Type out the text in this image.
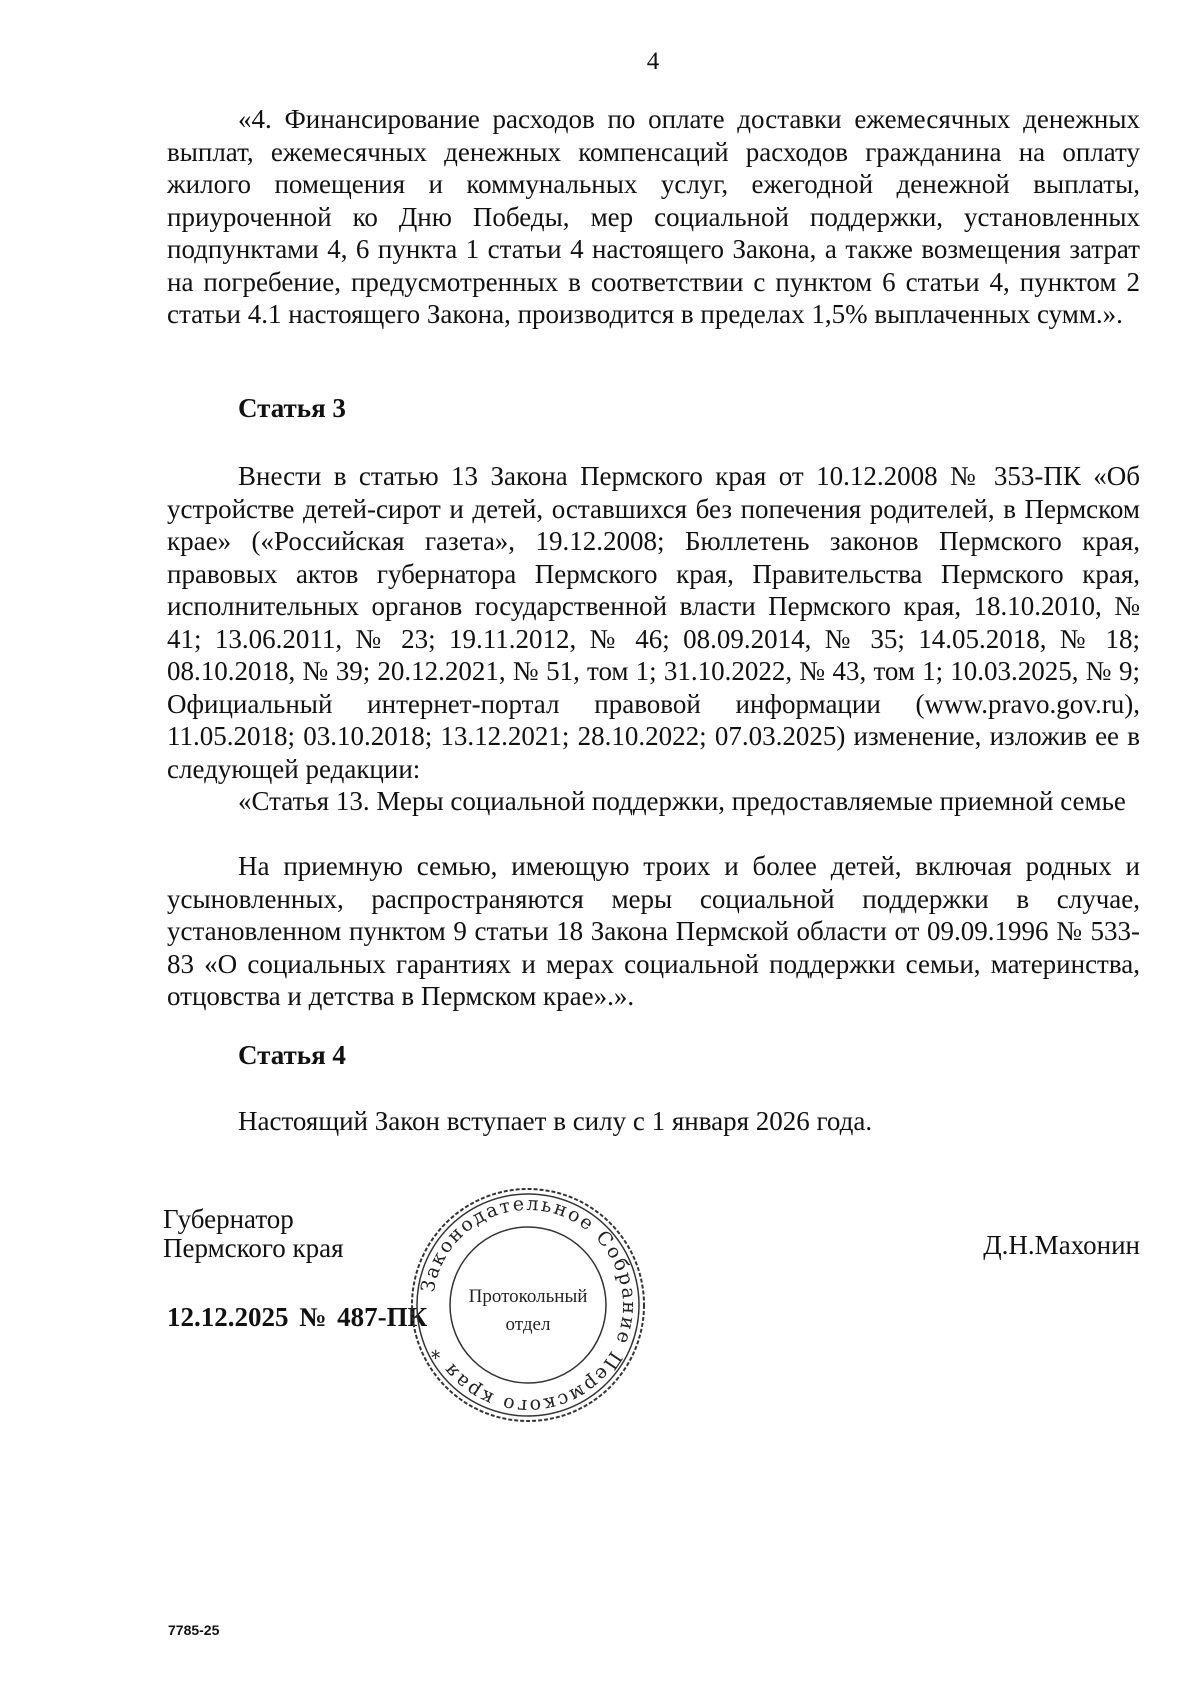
4

«4. Финансирование расходов по оплате доставки ежемесячных денежных выплат, ежемесячных денежных компенсаций расходов гражданина на оплату жилого помещения и коммунальных услуг, ежегодной денежной выплаты, приуроченной ко Дню Победы, мер социальной поддержки, установленных подпунктами 4, 6 пункта 1 статьи 4 настоящего Закона, а также возмещения затрат на погребение, предусмотренных в соответствии с пунктом 6 статьи 4, пунктом 2 статьи 4.1 настоящего Закона, производится в пределах 1,5% выплаченных сумм.».

Статья 3

Внести в статью 13 Закона Пермского края от 10.12.2008 № 353-ПК «Об устройстве детей-сирот и детей, оставшихся без попечения родителей, в Пермском крае» («Российская газета», 19.12.2008; Бюллетень законов Пермского края, правовых актов губернатора Пермского края, Правительства Пермского края, исполнительных органов государственной власти Пермского края, 18.10.2010, № 41; 13.06.2011, № 23; 19.11.2012, № 46; 08.09.2014, № 35; 14.05.2018, № 18; 08.10.2018, № 39; 20.12.2021, № 51, том 1; 31.10.2022, № 43, том 1; 10.03.2025, № 9; Официальный интернет-портал правовой информации (www.pravo.gov.ru), 11.05.2018; 03.10.2018; 13.12.2021; 28.10.2022; 07.03.2025) изменение, изложив ее в следующей редакции:

«Статья 13. Меры социальной поддержки, предоставляемые приемной семье

На приемную семью, имеющую троих и более детей, включая родных и усыновленных, распространяются меры социальной поддержки в случае, установленном пунктом 9 статьи 18 Закона Пермской области от 09.09.1996 № 533-83 «О социальных гарантиях и мерах социальной поддержки семьи, материнства, отцовства и детства в Пермском крае».».

Статья 4

Настоящий Закон вступает в силу с 1 января 2026 года.

Губернатор
Пермского края	Д.Н.Махонин
12.12.2025 № 487-ПК
Законодательное Собрание Пермского края *
Протокольный
отдел
7785-25
